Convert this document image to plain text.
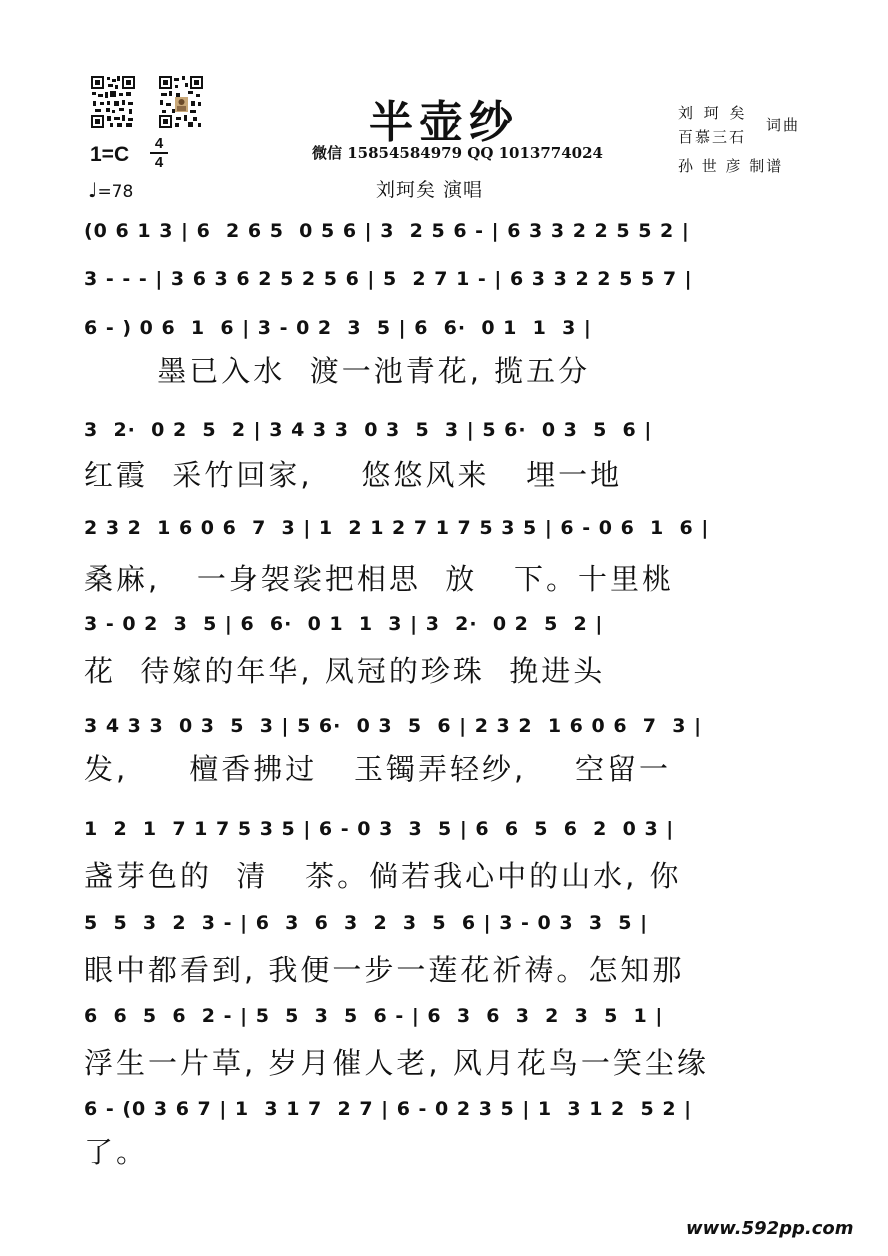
半壶纱
微信 15854584979 QQ 1013774024
刘珂矣 演唱
1=C	4
4
♩=78
刘 珂 矣
百慕三石
词曲
孙 世 彦 制谱
(0 6 1 3 | 6  2 6 5  0 5 6 | 3  2 5 6 - | 6 3 3 2 2 5 5 2 |
3 - - - | 3 6 3 6 2 5 2 5 6 | 5  2 7 1 - | 6 3 3 2 2 5 5 7 |
6 - ) 0 6  1  6 | 3 - 0 2  3  5 | 6  6·  0 1  1  3 |
墨已入水  渡一池青花, 揽五分
3  2·  0 2  5  2 | 3 4 3 3  0 3  5  3 | 5 6·  0 3  5  6 |
红霞  采竹回家,    悠悠风来   埋一地
2 3 2  1 6 0 6  7  3 | 1  2 1 2 7 1 7 5 3 5 | 6 - 0 6  1  6 |
桑麻,   一身袈裟把相思  放   下。十里桃
3 - 0 2  3  5 | 6  6·  0 1  1  3 | 3  2·  0 2  5  2 |
花  待嫁的年华, 凤冠的珍珠  挽进头
3 4 3 3  0 3  5  3 | 5 6·  0 3  5  6 | 2 3 2  1 6 0 6  7  3 |
发,     檀香拂过   玉镯弄轻纱,    空留一
1  2  1  7 1 7 5 3 5 | 6 - 0 3  3  5 | 6  6  5  6  2  0 3 |
盏芽色的  清   茶。倘若我心中的山水, 你
5  5  3  2  3 - | 6  3  6  3  2  3  5  6 | 3 - 0 3  3  5 |
眼中都看到, 我便一步一莲花祈祷。怎知那
6  6  5  6  2 - | 5  5  3  5  6 - | 6  3  6  3  2  3  5  1 |
浮生一片草, 岁月催人老, 风月花鸟一笑尘缘
6 - (0 3 6 7 | 1  3 1 7  2 7 | 6 - 0 2 3 5 | 1  3 1 2  5 2 |
了。
www.592pp.com
